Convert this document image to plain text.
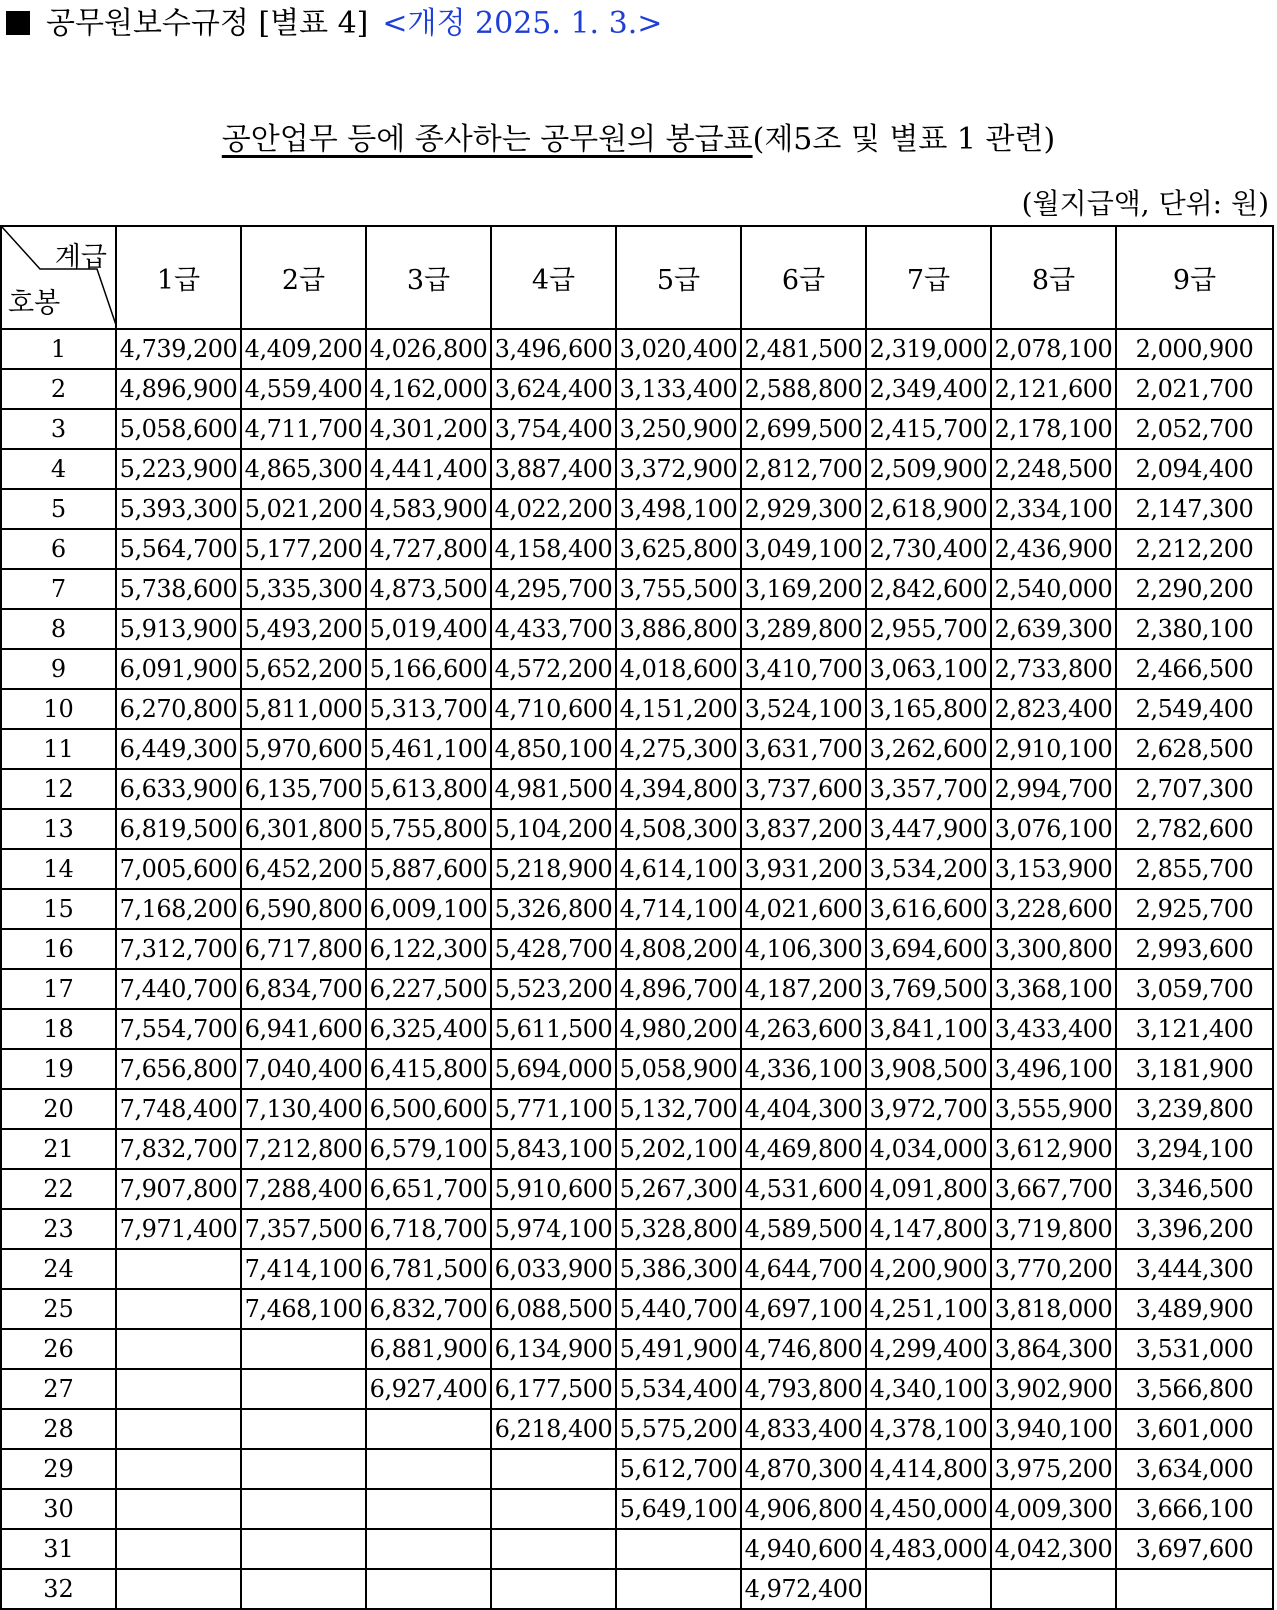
공무원보수규정 [별표 4] <개정 2025. 1. 3.>
공안업무 등에 종사하는 공무원의 봉급표(제5조 및 별표 1 관련)
(월지급액, 단위: 원)
계급
호봉	1급	2급	3급	4급	5급	6급	7급	8급	9급
1	4,739,200	4,409,200	4,026,800	3,496,600	3,020,400	2,481,500	2,319,000	2,078,100	2,000,900
2	4,896,900	4,559,400	4,162,000	3,624,400	3,133,400	2,588,800	2,349,400	2,121,600	2,021,700
3	5,058,600	4,711,700	4,301,200	3,754,400	3,250,900	2,699,500	2,415,700	2,178,100	2,052,700
4	5,223,900	4,865,300	4,441,400	3,887,400	3,372,900	2,812,700	2,509,900	2,248,500	2,094,400
5	5,393,300	5,021,200	4,583,900	4,022,200	3,498,100	2,929,300	2,618,900	2,334,100	2,147,300
6	5,564,700	5,177,200	4,727,800	4,158,400	3,625,800	3,049,100	2,730,400	2,436,900	2,212,200
7	5,738,600	5,335,300	4,873,500	4,295,700	3,755,500	3,169,200	2,842,600	2,540,000	2,290,200
8	5,913,900	5,493,200	5,019,400	4,433,700	3,886,800	3,289,800	2,955,700	2,639,300	2,380,100
9	6,091,900	5,652,200	5,166,600	4,572,200	4,018,600	3,410,700	3,063,100	2,733,800	2,466,500
10	6,270,800	5,811,000	5,313,700	4,710,600	4,151,200	3,524,100	3,165,800	2,823,400	2,549,400
11	6,449,300	5,970,600	5,461,100	4,850,100	4,275,300	3,631,700	3,262,600	2,910,100	2,628,500
12	6,633,900	6,135,700	5,613,800	4,981,500	4,394,800	3,737,600	3,357,700	2,994,700	2,707,300
13	6,819,500	6,301,800	5,755,800	5,104,200	4,508,300	3,837,200	3,447,900	3,076,100	2,782,600
14	7,005,600	6,452,200	5,887,600	5,218,900	4,614,100	3,931,200	3,534,200	3,153,900	2,855,700
15	7,168,200	6,590,800	6,009,100	5,326,800	4,714,100	4,021,600	3,616,600	3,228,600	2,925,700
16	7,312,700	6,717,800	6,122,300	5,428,700	4,808,200	4,106,300	3,694,600	3,300,800	2,993,600
17	7,440,700	6,834,700	6,227,500	5,523,200	4,896,700	4,187,200	3,769,500	3,368,100	3,059,700
18	7,554,700	6,941,600	6,325,400	5,611,500	4,980,200	4,263,600	3,841,100	3,433,400	3,121,400
19	7,656,800	7,040,400	6,415,800	5,694,000	5,058,900	4,336,100	3,908,500	3,496,100	3,181,900
20	7,748,400	7,130,400	6,500,600	5,771,100	5,132,700	4,404,300	3,972,700	3,555,900	3,239,800
21	7,832,700	7,212,800	6,579,100	5,843,100	5,202,100	4,469,800	4,034,000	3,612,900	3,294,100
22	7,907,800	7,288,400	6,651,700	5,910,600	5,267,300	4,531,600	4,091,800	3,667,700	3,346,500
23	7,971,400	7,357,500	6,718,700	5,974,100	5,328,800	4,589,500	4,147,800	3,719,800	3,396,200
24		7,414,100	6,781,500	6,033,900	5,386,300	4,644,700	4,200,900	3,770,200	3,444,300
25		7,468,100	6,832,700	6,088,500	5,440,700	4,697,100	4,251,100	3,818,000	3,489,900
26			6,881,900	6,134,900	5,491,900	4,746,800	4,299,400	3,864,300	3,531,000
27			6,927,400	6,177,500	5,534,400	4,793,800	4,340,100	3,902,900	3,566,800
28				6,218,400	5,575,200	4,833,400	4,378,100	3,940,100	3,601,000
29					5,612,700	4,870,300	4,414,800	3,975,200	3,634,000
30					5,649,100	4,906,800	4,450,000	4,009,300	3,666,100
31						4,940,600	4,483,000	4,042,300	3,697,600
32						4,972,400			
